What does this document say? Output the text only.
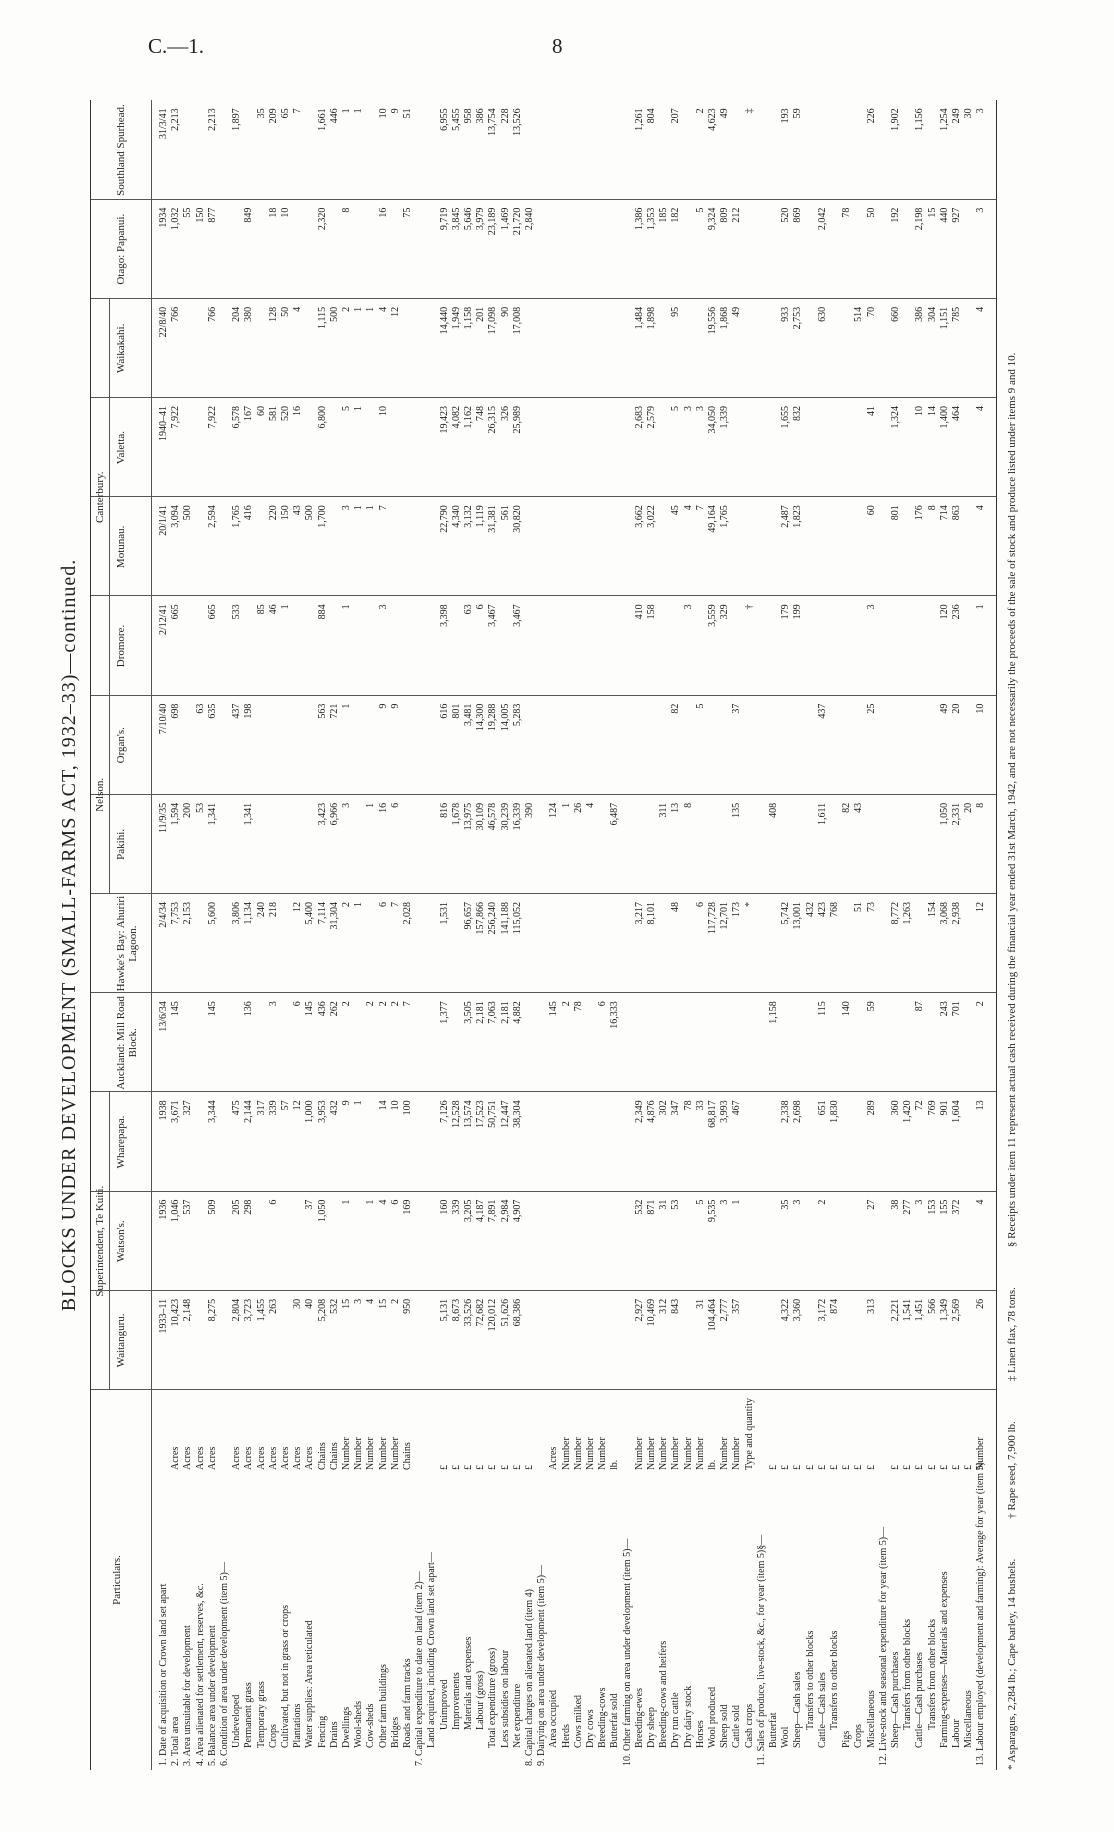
C.—1.	8
BLOCKS UNDER DEVELOPMENT (SMALL-FARMS ACT, 1932–33)—continued.
Particulars.
Waitanguru.
Watson's.
Wharepapa.
Auckland: Mill Road Block.
Hawke's Bay: Ahuriri Lagoon.
Pakihi.
Organ's.
Dromore.
Motunau.
Valetta.
Waikakahi.
Otago: Papanui.
Southland Spurhead.
Superintendent, Te Kuiti.
Nelson.
Canterbury.
1. Date of acquisition or Crown land set apart
1933–11
1936
1938
13/6/34
2/4/34
11/9/35
7/10/40
2/12/41
20/1/41
1940–41
22/8/40
1934
31/3/41
2. Total area
Acres
10,423
1,046
3,671
145
7,753
1,594
698
665
3,094
7,922
766
1,032
2,213
3. Area unsuitable for development
Acres
2,148
537
327
2,153
200
500
55
4. Area alienated for settlement, reserves, &c.
Acres
53
63
150
5. Balance area under development
Acres
8,275
509
3,344
145
5,600
1,341
635
665
2,594
7,922
766
877
2,213
6. Condition of area under development (item 5)— Undeveloped
Acres
2,804
205
475
3,806
437
533
1,765
6,578
204
1,897
Permanent grass
Acres
3,723
298
2,144
136
1,134
1,341
198
416
167
380
849
Temporary grass
Acres
1,455
317
240
85
60
35
Crops
Acres
263
6
339
3
218
46
220
581
128
18
209
Cultivated, but not in grass or crops
Acres
57
1
150
520
50
10
65
Plantations
Acres
30
12
6
12
43
16
4
7
Water supplies: Area reticulated
Acres
40
37
1,000
145
5,400
500
Fencing
Chains
5,208
1,050
3,953
436
7,114
3,423
563
884
1,700
6,800
1,115
2,320
1,661
Drains
Chains
532
432
262
31,304
6,966
721
500
446
Dwellings
Number
15
1
9
2
2
3
1
1
3
5
2
8
1
Wool-sheds
Number
3
1
1
1
1
1
1
Cow-sheds
Number
4
1
2
1
1
1
Other farm buildings
Number
15
4
14
2
6
16
9
3
7
10
4
16
10
Bridges
Number
2
6
10
2
7
6
9
12
9
Roads and farm tracks
Chains
950
169
100
7
2,028
75
51
7. Capital expenditure to date on land (item 2)— Land acquired, including Crown land set apart— Unimproved
£
5,131
160
7,126
1,377
1,531
816
616
3,398
22,790
19,423
14,440
9,719
6,955
Improvements
£
8,673
339
12,528
1,678
801
4,340
4,082
1,949
3,845
5,455
Materials and expenses
£
33,526
3,205
13,574
3,505
96,657
13,975
3,481
63
3,132
1,162
1,158
5,646
958
Labour (gross)
£
72,682
4,187
17,523
2,181
157,866
30,109
14,300
6
1,119
748
201
3,979
386
Total expenditure (gross)
£
120,012
7,891
50,751
7,063
256,240
46,578
19,288
3,467
31,381
26,315
17,098
23,189
13,754
Less subsidies on labour
£
51,626
2,984
12,447
2,181
141,188
30,239
14,005
561
326
90
1,469
228
Net expenditure
£
68,386
4,907
38,304
4,882
115,052
16,339
5,283
3,467
30,820
25,989
17,008
21,720
13,526
8. Capital charges on alienated land (item 4)
£
390
2,840
9. Dairying on area under development (item 5)— Area occupied
Acres
145
124
Herds
Number
2
1
Cows milked
Number
78
26
Dry cows
Number
4
Breeding-cows
Number
6
Butterfat sold
lb.
16,333
6,487
10. Other farming on area under development (item 5)— Breeding-ewes
Number
2,927
532
2,349
3,217
410
3,662
2,683
1,484
1,386
1,261
Dry sheep
Number
10,469
871
4,876
8,101
158
3,022
2,579
1,898
1,353
804
Breeding-cows and heifers
Number
312
31
302
311
185
Dry run cattle
Number
843
53
347
48
13
82
45
5
95
182
207
Dry dairy stock
Number
78
8
3
4
3
Horses
Number
31
5
33
6
5
7
3
5
2
Wool produced
lb.
104,464
9,535
68,817
117,728
3,559
49,164
34,050
19,556
9,324
4,623
Sheep sold
Number
2,777
3
3,993
12,701
329
1,765
1,339
1,868
809
49
Cattle sold
Number
357
1
467
173
135
37
49
212
Cash crops
Type and quantity
*
†
‡
11. Sales of produce, live-stock, &c., for year (item 5)§— Butterfat
£
1,158
408
Wool
£
4,322
35
2,338
5,742
179
2,487
1,655
933
520
193
Sheep—Cash sales
£
3,360
3
2,698
13,001
199
1,823
832
2,753
869
59
Transfers to other blocks
£
432
Cattle—Cash sales
£
3,172
2
651
115
423
1,611
437
630
2,042
Transfers to other blocks
£
874
1,830
768
Pigs
£
140
82
78
Crops
£
51
43
514
Miscellaneous
£
313
27
289
59
73
25
3
60
41
70
50
226
12. Live-stock and seasonal expenditure for year (item 5)— Sheep—Cash purchases
£
2,221
38
360
8,772
801
1,324
660
192
1,902
Transfers from other blocks
£
1,541
277
1,420
1,263
Cattle—Cash purchases
£
1,451
3
72
87
176
10
386
2,198
1,156
Transfers from other blocks
£
566
153
769
154
8
14
304
15
Farming-expenses—Materials and expenses
£
1,349
155
901
243
3,068
1,050
49
120
714
1,400
1,151
440
1,254
Labour
£
2,569
372
1,604
701
2,938
2,331
20
236
863
464
785
927
249
Miscellaneous
£
20
30
13. Labour employed (development and farming): Average for year (item 5)
Number
26
4
13
2
12
8
10
1
4
4
4
3
3
* Asparagus, 2,284 lb.; Cape barley, 14 bushels.† Rape seed, 7,900 lb.‡ Linen flax, 78 tons.§ Receipts under item 11 represent actual cash received during the financial year ended 31st March, 1942, and are not necessarily the proceeds of the sale of stock and produce listed under items 9 and 10.
